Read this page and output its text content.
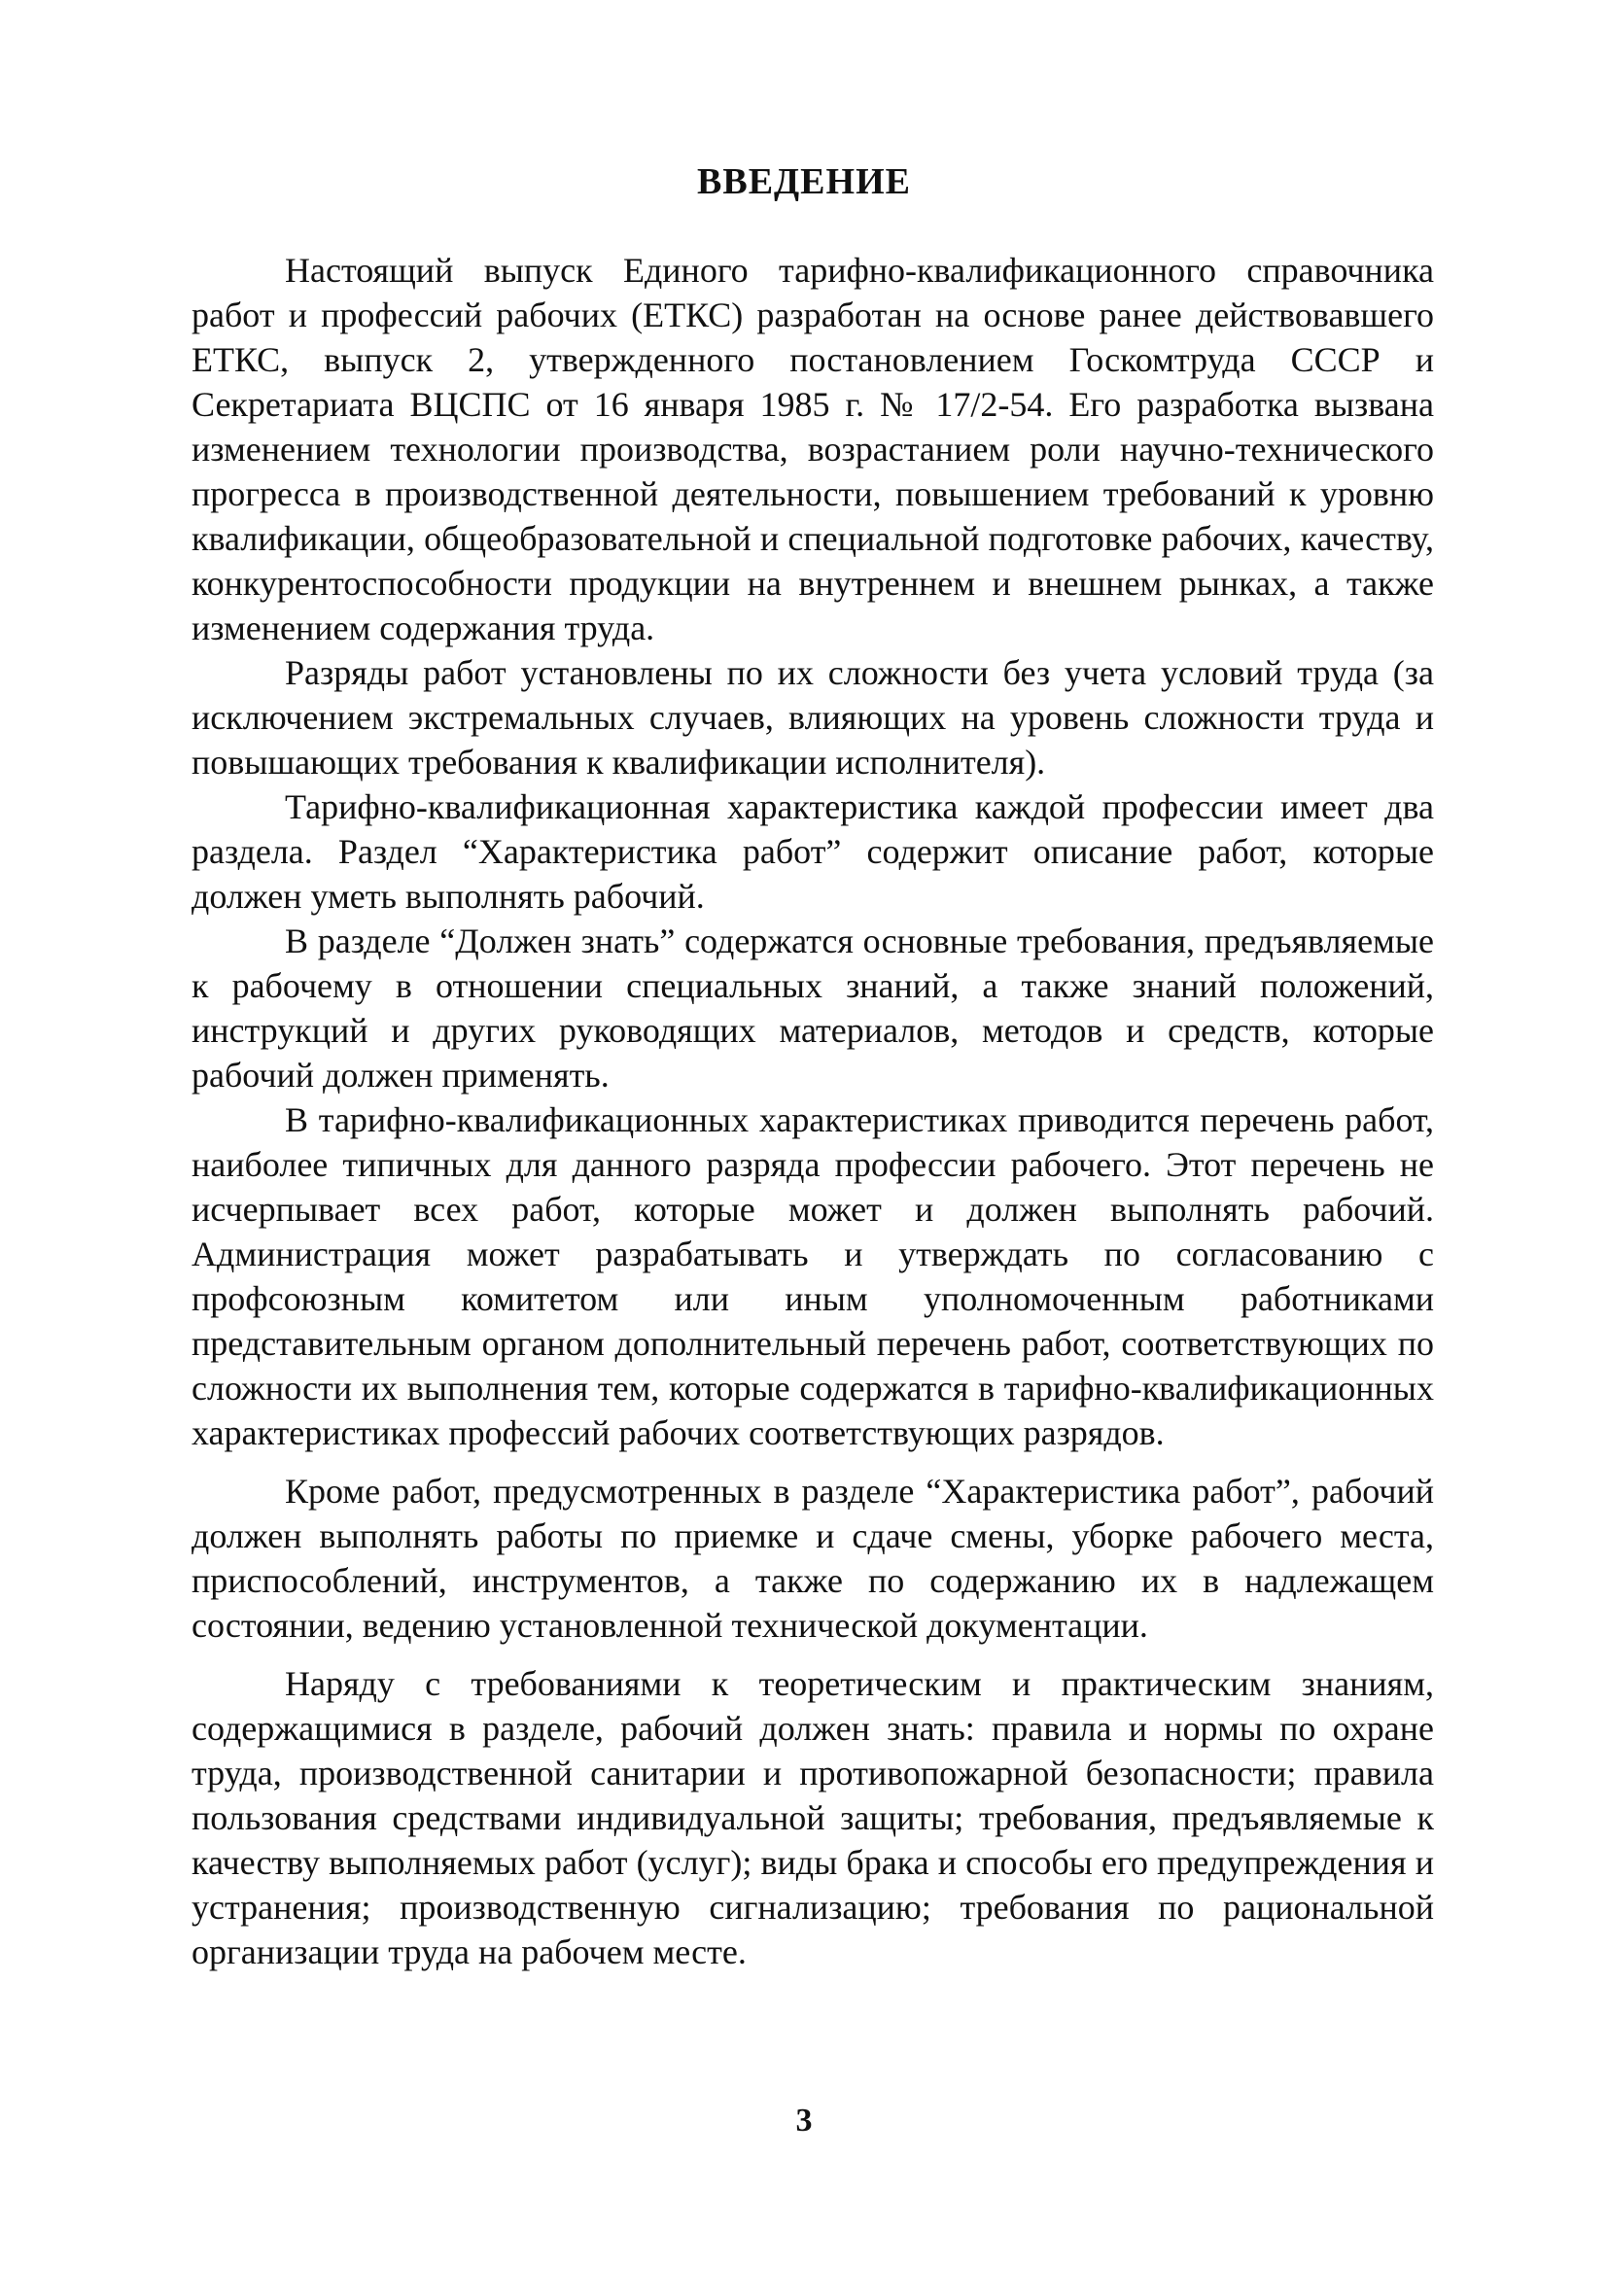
ВВЕДЕНИЕ

Настоящий выпуск Единого тарифно-квалификационного справочника работ и профессий рабочих (ЕТКС) разработан на основе ранее действовавшего ЕТКС, выпуск 2, утвержденного постановлением Госкомтруда СССР и Секретариата ВЦСПС от 16 января 1985 г. № 17/2-54. Его разработка вызвана изменением технологии производства, возрастанием роли научно-технического прогресса в производственной деятельности, повышением требований к уровню квалификации, общеобразовательной и специальной подготовке рабочих, качеству, конкурентоспособности продукции на внутреннем и внешнем рынках, а также изменением содержания труда.

Разряды работ установлены по их сложности без учета условий труда (за исключением экстремальных случаев, влияющих на уровень сложности труда и повышающих требования к квалификации исполнителя).

Тарифно-квалификационная характеристика каждой профессии имеет два раздела. Раздел “Характеристика работ” содержит описание работ, которые должен уметь выполнять рабочий.

В разделе “Должен знать” содержатся основные требования, предъявляемые к рабочему в отношении специальных знаний, а также знаний положений, инструкций и других руководящих материалов, методов и средств, которые рабочий должен применять.

В тарифно-квалификационных характеристиках приводится перечень работ, наиболее типичных для данного разряда профессии рабочего. Этот перечень не исчерпывает всех работ, которые может и должен выполнять рабочий. Администрация может разрабатывать и утверждать по согласованию с профсоюзным комитетом или иным уполномоченным работниками представительным органом дополнительный перечень работ, соответствующих по сложности их выполнения тем, которые содержатся в тарифно-квалификационных характеристиках профессий рабочих соответствующих разрядов.

Кроме работ, предусмотренных в разделе “Характеристика работ”, рабочий должен выполнять работы по приемке и сдаче смены, уборке рабочего места, приспособлений, инструментов, а также по содержанию их в надлежащем состоянии, ведению установленной технической документации.

Наряду с требованиями к теоретическим и практическим знаниям, содержащимися в разделе, рабочий должен знать: правила и нормы по охране труда, производственной санитарии и противопожарной безопасности; правила пользования средствами индивидуальной защиты; требования, предъявляемые к качеству выполняемых работ (услуг); виды брака и способы его предупреждения и устранения; производственную сигнализацию; требования по рациональной организации труда на рабочем месте.

3
